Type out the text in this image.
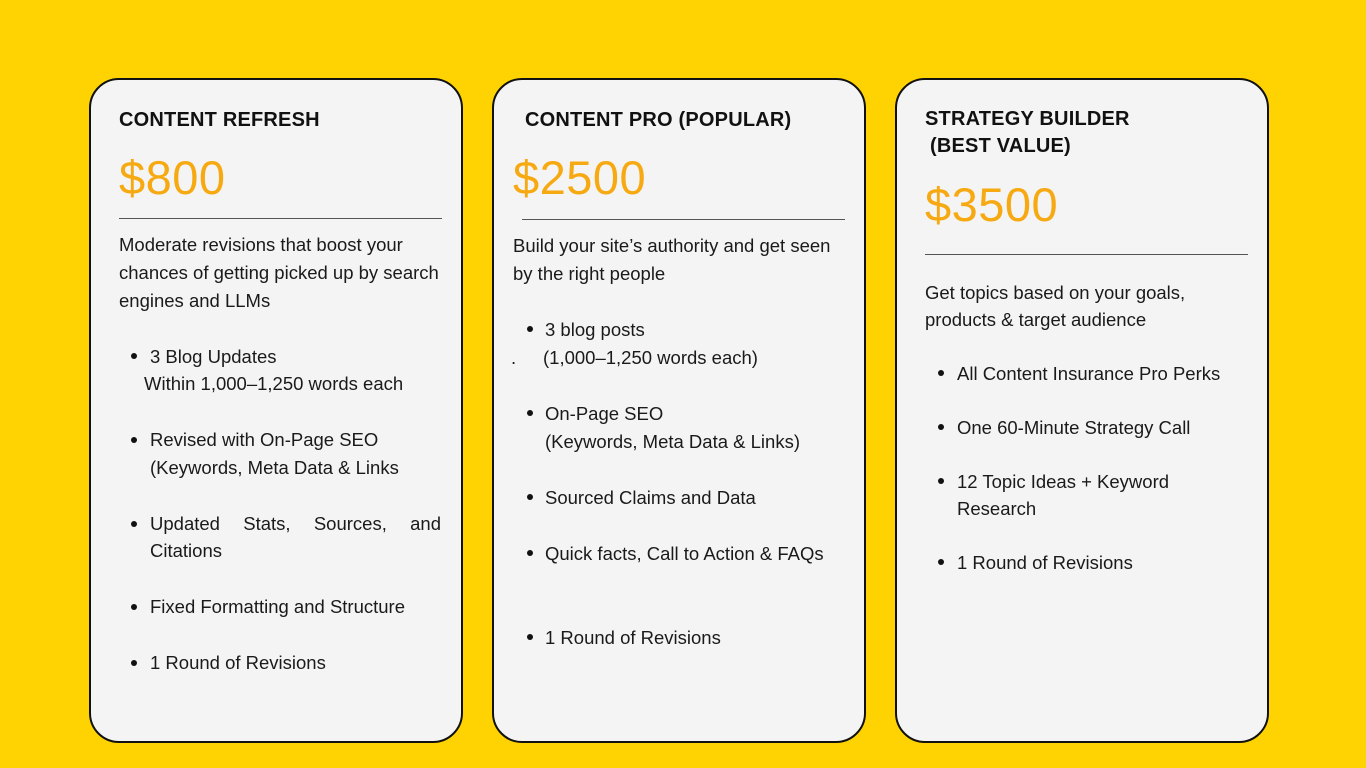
CONTENT REFRESH
$800
Moderate revisions that boost your chances of getting picked up by search engines and LLMs
3 Blog Updates
Within 1,000–1,250 words each
Revised with On-Page SEO
(Keywords, Meta Data & Links
Updated Stats, Sources, and Citations
Fixed Formatting and Structure
1 Round of Revisions
CONTENT PRO (POPULAR)
$2500
Build your site’s authority and get seen by the right people
3 blog posts
. (1,000–1,250 words each)
On-Page SEO
(Keywords, Meta Data & Links)
Sourced Claims and Data
Quick facts, Call to Action & FAQs
1 Round of Revisions
STRATEGY BUILDER
(BEST VALUE)
$3500
Get topics based on your goals, products & target audience
All Content Insurance Pro Perks
One 60-Minute Strategy Call
12 Topic Ideas + Keyword Research
1 Round of Revisions
